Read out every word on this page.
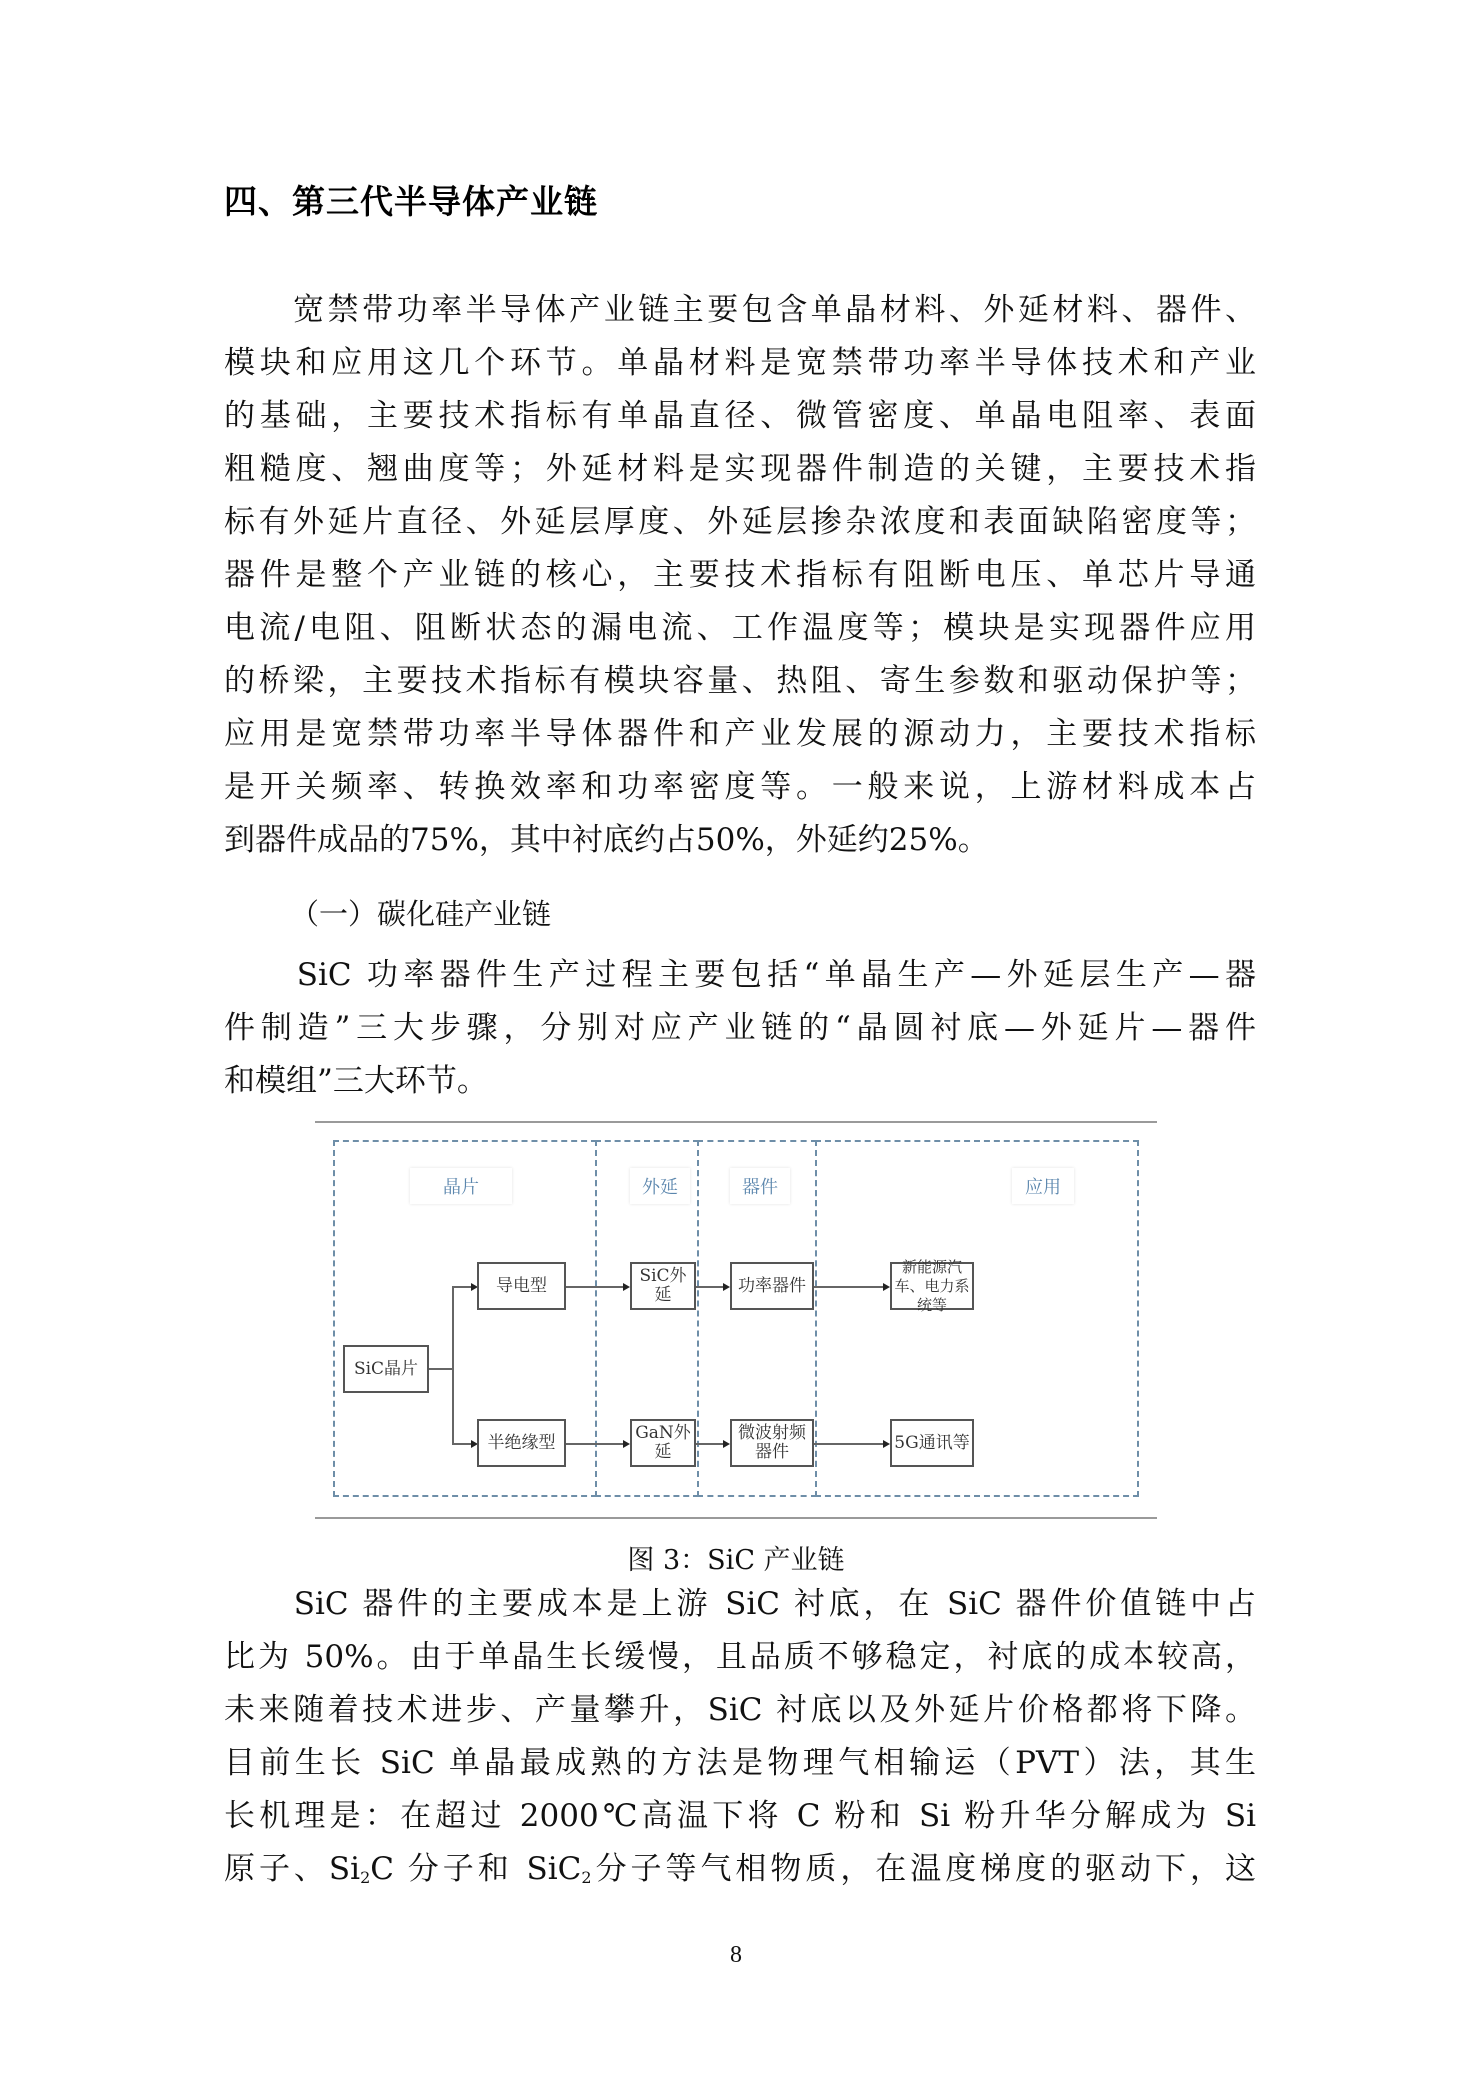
四、第三代半导体产业链
　　宽禁带功率半导体产业链主要包含单晶材料、外延材料、器件、
模块和应用这几个环节。单晶材料是宽禁带功率半导体技术和产业
的基础，主要技术指标有单晶直径、微管密度、单晶电阻率、表面
粗糙度、翘曲度等；外延材料是实现器件制造的关键，主要技术指
标有外延片直径、外延层厚度、外延层掺杂浓度和表面缺陷密度等；
器件是整个产业链的核心，主要技术指标有阻断电压、单芯片导通
电流/电阻、阻断状态的漏电流、工作温度等；模块是实现器件应用
的桥梁，主要技术指标有模块容量、热阻、寄生参数和驱动保护等；
应用是宽禁带功率半导体器件和产业发展的源动力，主要技术指标
是开关频率、转换效率和功率密度等。一般来说，上游材料成本占
到器件成品的75%，其中衬底约占50%，外延约25%。
（一）碳化硅产业链
　　SiC 功率器件生产过程主要包括“单晶生产—外延层生产—器
件制造”三大步骤，分别对应产业链的“晶圆衬底—外延片—器件
和模组”三大环节。
晶片	外延	器件	应用
SiC晶片
导电型	SiC外延	功率器件
新能源汽车、电力系统等
半绝缘型	GaN外延
微波射频器件	5G通讯等
图 3：SiC 产业链
　　SiC 器件的主要成本是上游 SiC 衬底，在 SiC 器件价值链中占
比为 50%。由于单晶生长缓慢，且品质不够稳定，衬底的成本较高，
未来随着技术进步、产量攀升，SiC 衬底以及外延片价格都将下降。
目前生长 SiC 单晶最成熟的方法是物理气相输运（PVT）法，其生
长机理是：在超过 2000℃高温下将 C 粉和 Si 粉升华分解成为 Si
原子、$Si_2C$ 分子和 SiC$_2$分子等气相物质，在温度梯度的驱动下，这
8
